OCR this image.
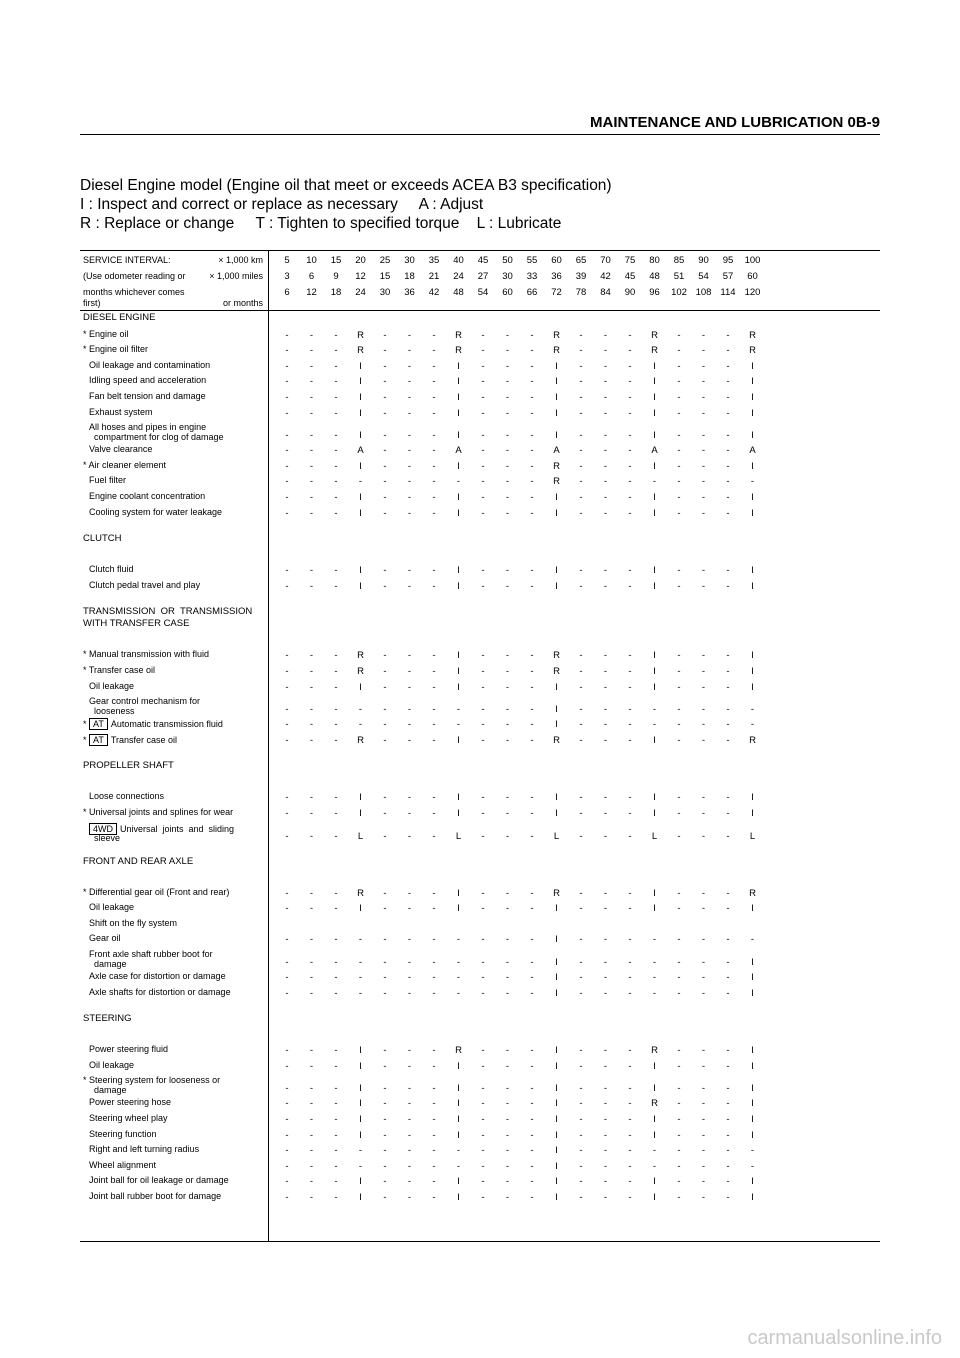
MAINTENANCE AND LUBRICATION 0B-9
Diesel Engine model (Engine oil that meet or exceeds ACEA B3 specification)
I : Inspect and correct or replace as necessary     A : Adjust
R : Replace or change     T : Tighten to specified torque    L : Lubricate
SERVICE INTERVAL:	× 1,000 km	5	10	15	20	25	30	35	40	45	50	55	60	65	70	75	80	85	90	95	100
(Use odometer reading or	× 1,000 miles	3	6	9	12	15	18	21	24	27	30	33	36	39	42	45	48	51	54	57	60
months whichever comes
first)	or months
6	12	18	24	30	36	42	48	54	60	66	72	78	84	90	96	102 108 114 120
DIESEL ENGINE
* Engine oil	-	-	-	R	-	-	-	R	-	-	-	R	-	-	-	R	-	-	-	R
* Engine oil filter	-	-	-	R	-	-	-	R	-	-	-	R	-	-	-	R	-	-	-	R
Oil leakage and contamination	-	-	-	I	-	-	-	I	-	-	-	I	-	-	-	I	-	-	-	I
Idling speed and acceleration	-	-	-	I	-	-	-	I	-	-	-	I	-	-	-	I	-	-	-	I
Fan belt tension and damage	-	-	-	I	-	-	-	I	-	-	-	I	-	-	-	I	-	-	-	I
Exhaust system	-	-	-	I	-	-	-	I	-	-	-	I	-	-	-	I	-	-	-	I
All hoses and pipes in engine
compartment for clog of damage	-	-	-	I	-	-	-	I	-	-	-	I	-	-	-	I	-	-	-	I
Valve clearance	-	-	-	A	-	-	-	A	-	-	-	A	-	-	-	A	-	-	-	A
* Air cleaner element	-	-	-	I	-	-	-	I	-	-	-	R	-	-	-	I	-	-	-	I
Fuel filter	-	-	-	-	-	-	-	-	-	-	-	R	-	-	-	-	-	-	-	-
Engine coolant concentration	-	-	-	I	-	-	-	I	-	-	-	I	-	-	-	I	-	-	-	I
Cooling system for water leakage	-	-	-	I	-	-	-	I	-	-	-	I	-	-	-	I	-	-	-	I
CLUTCH
Clutch fluid	-	-	-	I	-	-	-	I	-	-	-	I	-	-	-	I	-	-	-	I
Clutch pedal travel and play	-	-	-	I	-	-	-	I	-	-	-	I	-	-	-	I	-	-	-	I
TRANSMISSION  OR  TRANSMISSION
WITH TRANSFER CASE
* Manual transmission with fluid	-	-	-	R	-	-	-	I	-	-	-	R	-	-	-	I	-	-	-	I
* Transfer case oil	-	-	-	R	-	-	-	I	-	-	-	R	-	-	-	I	-	-	-	I
Oil leakage	-	-	-	I	-	-	-	I	-	-	-	I	-	-	-	I	-	-	-	I
Gear control mechanism for
looseness	-	-	-	-	-	-	-	-	-	-	-	I	-	-	-	-	-	-	-	-
* AT Automatic transmission fluid	-	-	-	-	-	-	-	-	-	-	-	I	-	-	-	-	-	-	-	-
* AT Transfer case oil	-	-	-	R	-	-	-	I	-	-	-	R	-	-	-	I	-	-	-	R
PROPELLER SHAFT
Loose connections	-	-	-	I	-	-	-	I	-	-	-	I	-	-	-	I	-	-	-	I
* Universal joints and splines for wear	-	-	-	I	-	-	-	I	-	-	-	I	-	-	-	I	-	-	-	I
4WD Universal  joints  and  sliding
sleeve	-	-	-	L	-	-	-	L	-	-	-	L	-	-	-	L	-	-	-	L
FRONT AND REAR AXLE
* Differential gear oil (Front and rear)	-	-	-	R	-	-	-	I	-	-	-	R	-	-	-	I	-	-	-	R
Oil leakage	-	-	-	I	-	-	-	I	-	-	-	I	-	-	-	I	-	-	-	I
Shift on the fly system
Gear oil	-	-	-	-	-	-	-	-	-	-	-	I	-	-	-	-	-	-	-	-
Front axle shaft rubber boot for
damage	-	-	-	-	-	-	-	-	-	-	-	I	-	-	-	-	-	-	-	I
Axle case for distortion or damage	-	-	-	-	-	-	-	-	-	-	-	I	-	-	-	-	-	-	-	I
Axle shafts for distortion or damage	-	-	-	-	-	-	-	-	-	-	-	I	-	-	-	-	-	-	-	I
STEERING
Power steering fluid	-	-	-	I	-	-	-	R	-	-	-	I	-	-	-	R	-	-	-	I
Oil leakage	-	-	-	I	-	-	-	I	-	-	-	I	-	-	-	I	-	-	-	I
* Steering system for looseness or
damage	-	-	-	I	-	-	-	I	-	-	-	I	-	-	-	I	-	-	-	I
Power steering hose	-	-	-	I	-	-	-	I	-	-	-	I	-	-	-	R	-	-	-	I
Steering wheel play	-	-	-	I	-	-	-	I	-	-	-	I	-	-	-	I	-	-	-	I
Steering function	-	-	-	I	-	-	-	I	-	-	-	I	-	-	-	I	-	-	-	I
Right and left turning radius	-	-	-	-	-	-	-	-	-	-	-	I	-	-	-	-	-	-	-	-
Wheel alignment	-	-	-	-	-	-	-	-	-	-	-	I	-	-	-	-	-	-	-	-
Joint ball for oil leakage or damage	-	-	-	I	-	-	-	I	-	-	-	I	-	-	-	I	-	-	-	I
Joint ball rubber boot for damage	-	-	-	I	-	-	-	I	-	-	-	I	-	-	-	I	-	-	-	I
carmanualsonline.info
